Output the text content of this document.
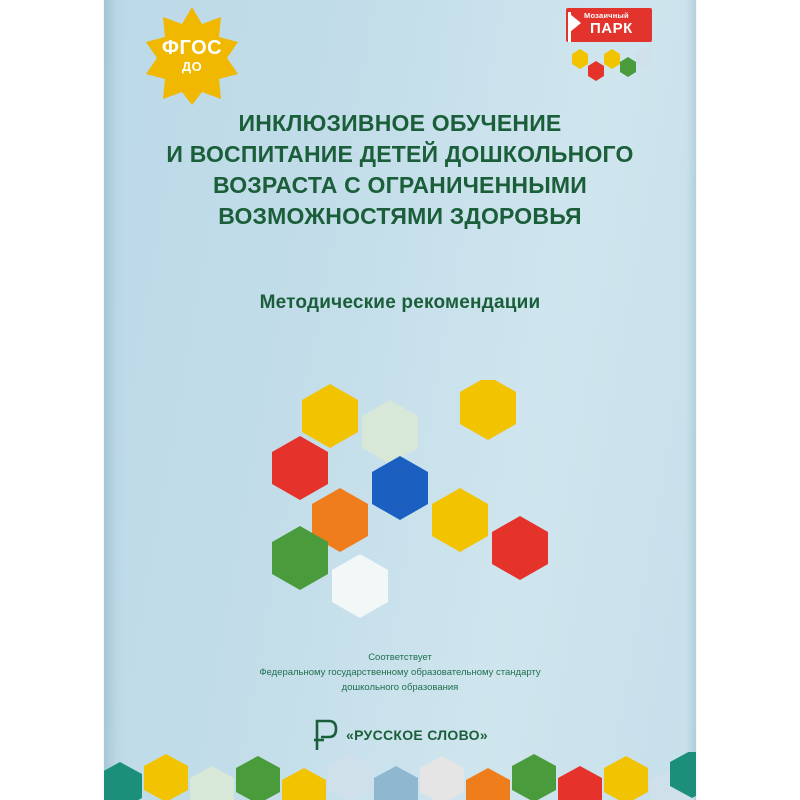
ФГОС
ДО
Мозаичный
ПАРК
ИНКЛЮЗИВНОЕ ОБУЧЕНИЕ
И ВОСПИТАНИЕ ДЕТЕЙ ДОШКОЛЬНОГО
ВОЗРАСТА С ОГРАНИЧЕННЫМИ
ВОЗМОЖНОСТЯМИ ЗДОРОВЬЯ
Методические рекомендации
Соответствует
Федеральному государственному образовательному стандарту
дошкольного образования
«РУССКОЕ СЛОВО»
